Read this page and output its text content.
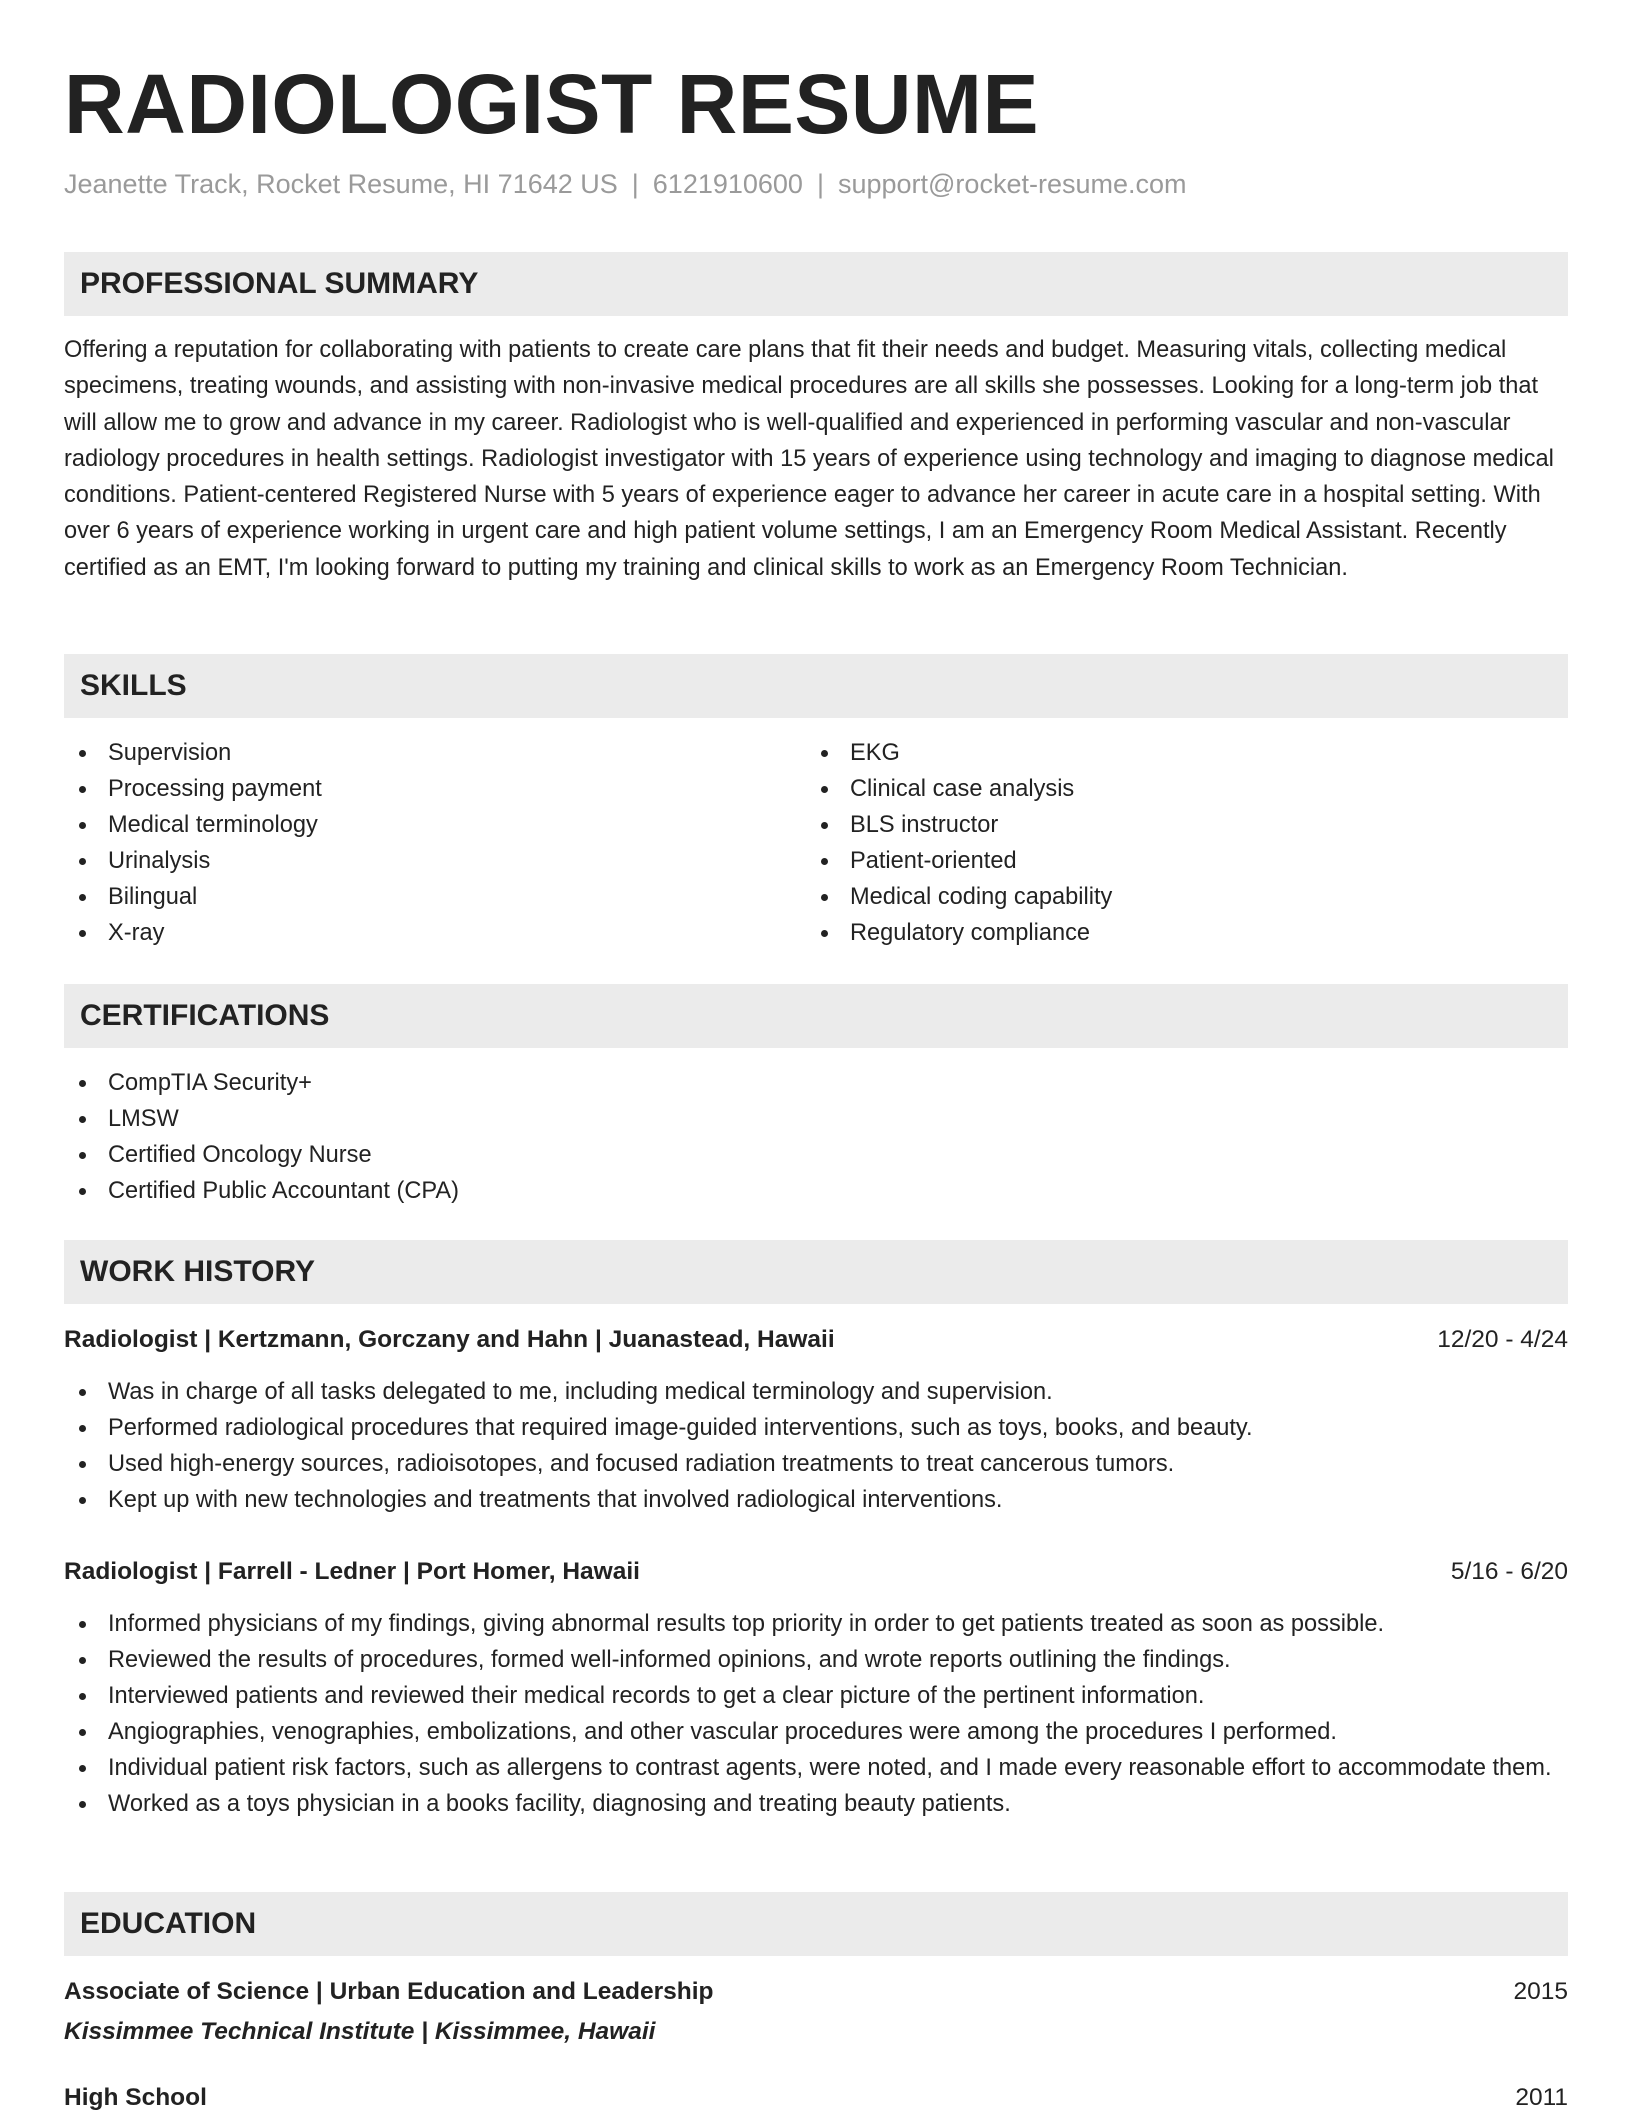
RADIOLOGIST RESUME
Jeanette Track, Rocket Resume, HI 71642 US | 6121910600 | support@rocket-resume.com
PROFESSIONAL SUMMARY

Offering a reputation for collaborating with patients to create care plans that fit their needs and budget. Measuring vitals, collecting medical specimens, treating wounds, and assisting with non-invasive medical procedures are all skills she possesses. Looking for a long-term job that will allow me to grow and advance in my career. Radiologist who is well-qualified and experienced in performing vascular and non-vascular radiology procedures in health settings. Radiologist investigator with 15 years of experience using technology and imaging to diagnose medical conditions. Patient-centered Registered Nurse with 5 years of experience eager to advance her career in acute care in a hospital setting. With over 6 years of experience working in urgent care and high patient volume settings, I am an Emergency Room Medical Assistant. Recently certified as an EMT, I'm looking forward to putting my training and clinical skills to work as an Emergency Room Technician.

SKILLS
Supervision
Processing payment
Medical terminology
Urinalysis
Bilingual
X-ray
EKG
Clinical case analysis
BLS instructor
Patient-oriented
Medical coding capability
Regulatory compliance
CERTIFICATIONS
CompTIA Security+
LMSW
Certified Oncology Nurse
Certified Public Accountant (CPA)
WORK HISTORY
Radiologist | Kertzmann, Gorczany and Hahn | Juanastead, Hawaii	12/20 - 4/24
Was in charge of all tasks delegated to me, including medical terminology and supervision.
Performed radiological procedures that required image-guided interventions, such as toys, books, and beauty.
Used high-energy sources, radioisotopes, and focused radiation treatments to treat cancerous tumors.
Kept up with new technologies and treatments that involved radiological interventions.
Radiologist | Farrell - Ledner | Port Homer, Hawaii	5/16 - 6/20
Informed physicians of my findings, giving abnormal results top priority in order to get patients treated as soon as possible.
Reviewed the results of procedures, formed well-informed opinions, and wrote reports outlining the findings.
Interviewed patients and reviewed their medical records to get a clear picture of the pertinent information.
Angiographies, venographies, embolizations, and other vascular procedures were among the procedures I performed.
Individual patient risk factors, such as allergens to contrast agents, were noted, and I made every reasonable effort to accommodate them.
Worked as a toys physician in a books facility, diagnosing and treating beauty patients.
EDUCATION
Associate of Science | Urban Education and Leadership	2015
Kissimmee Technical Institute | Kissimmee, Hawaii
High School	2011
